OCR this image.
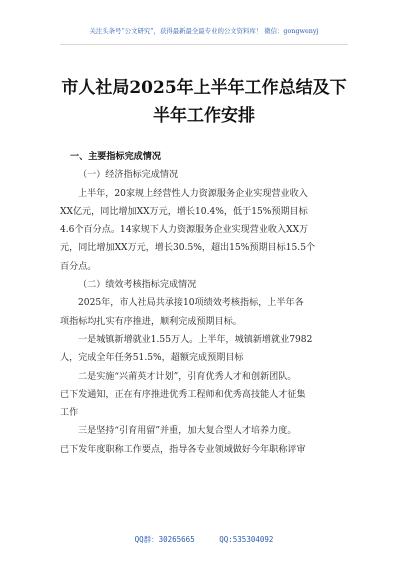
关注头条号“公文研究”，获得最新最全最专业的公文资料库！ 微信：gongwenyj
市人社局2025年上半年工作总结及下
半年工作安排
一、主要指标完成情况
（一）经济指标完成情况
上半年，20家规上经营性人力资源服务企业实现营业收入
XX亿元，同比增加XX万元，增长10.4%，低于15%预期目标
4.6个百分点。14家规下人力资源服务企业实现营业收入XX万
元，同比增加XX万元，增长30.5%，超出15%预期目标15.5个
百分点。
（二）绩效考核指标完成情况
2025年，市人社局共承接10项绩效考核指标，上半年各
项指标均扎实有序推进，顺利完成预期目标。
一是城镇新增就业1.55万人。上半年，城镇新增就业7982
人，完成全年任务51.5%，超额完成预期目标
二是实施“兴莆英才计划”，引育优秀人才和创新团队。
已下发通知，正在有序推进优秀工程师和优秀高技能人才征集
工作
三是坚持“引育用留”并重，加大复合型人才培养力度。
已下发年度职称工作要点，指导各专业领域做好今年职称评审
QQ群：30265665	QQ:535304092
